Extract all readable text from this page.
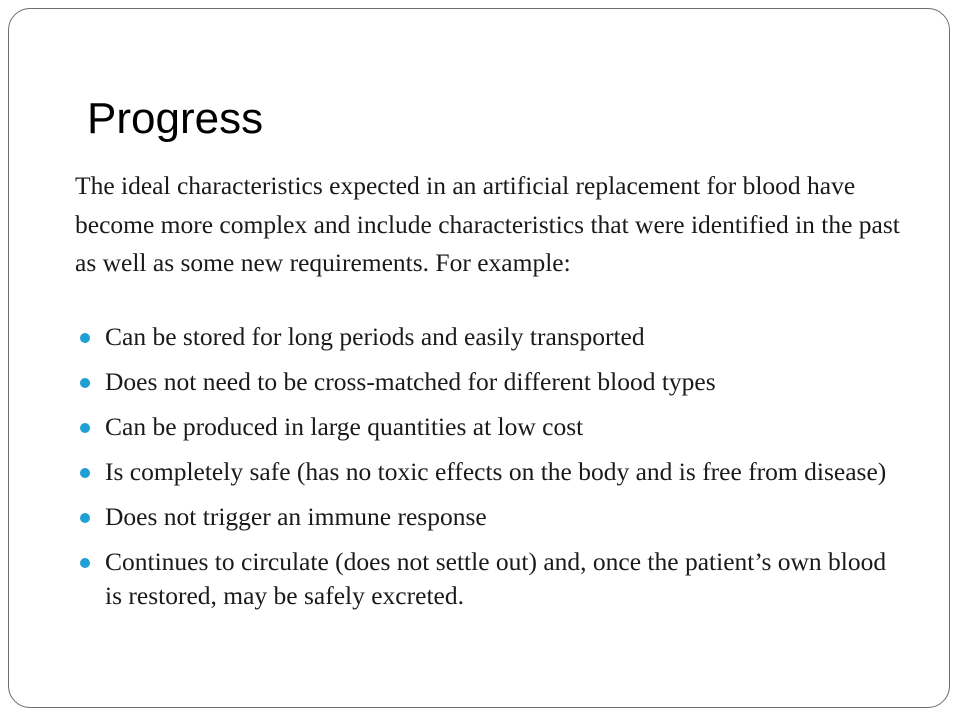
Progress

The ideal characteristics expected in an artificial replacement for blood have become more complex and include characteristics that were identified in the past as well as some new requirements. For example:

Can be stored for long periods and easily transported
Does not need to be cross-matched for different blood types
Can be produced in large quantities at low cost
Is completely safe (has no toxic effects on the body and is free from disease)
Does not trigger an immune response
Continues to circulate (does not settle out) and, once the patient’s own blood is restored, may be safely excreted.
